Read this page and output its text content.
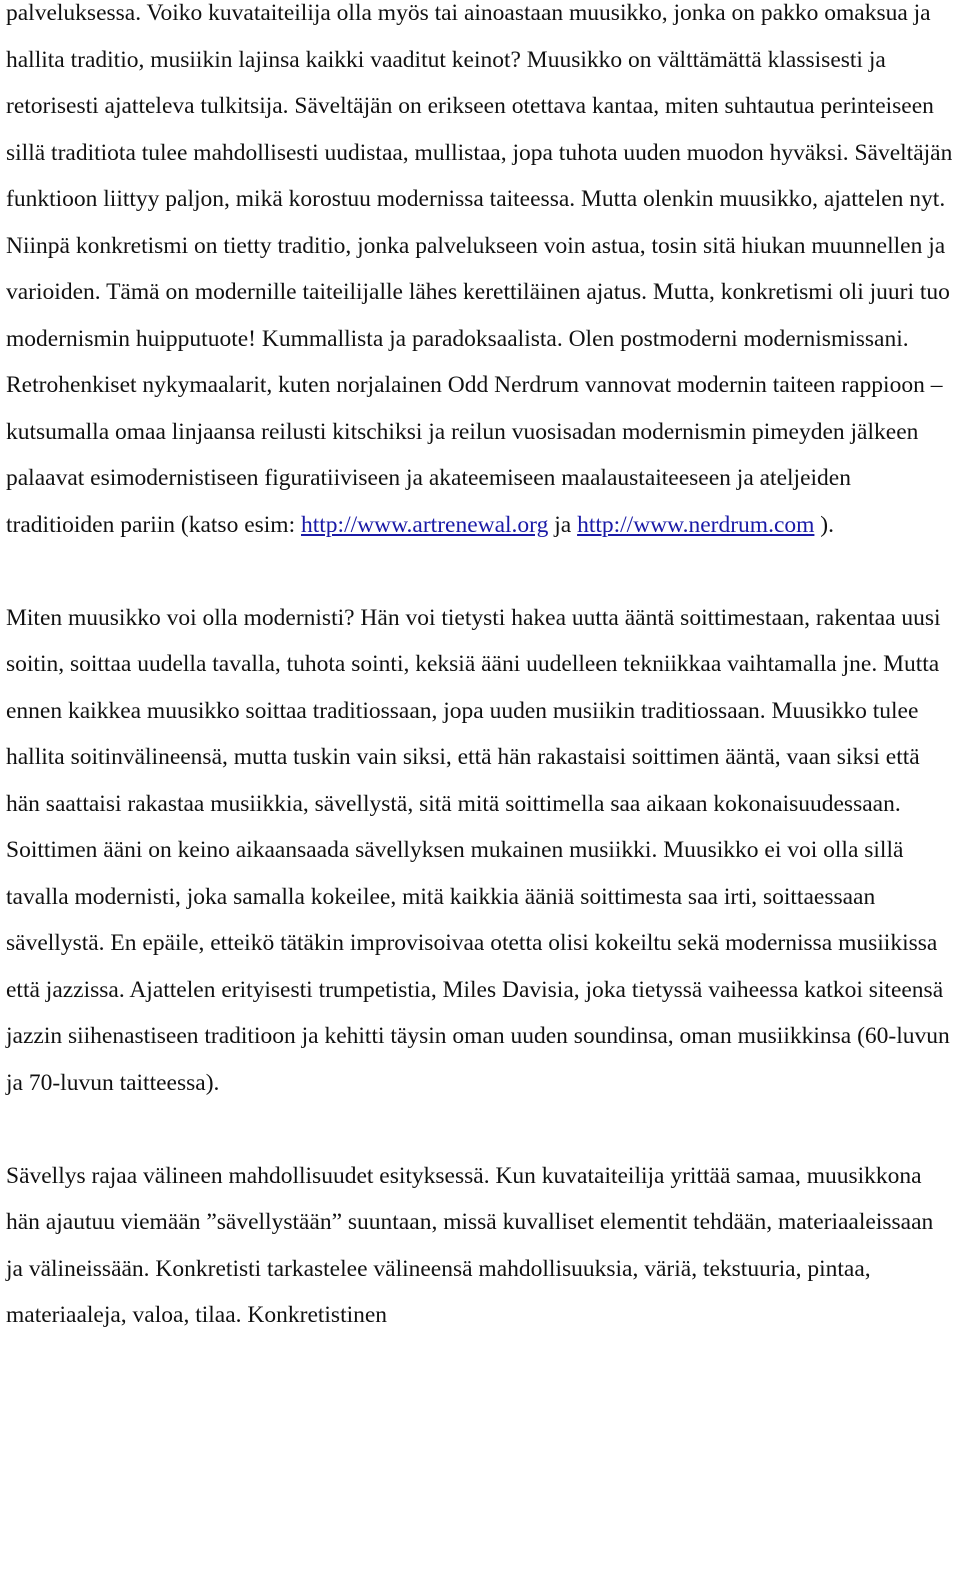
palveluksessa. Voiko kuvataiteilija olla myös tai ainoastaan muusikko, jonka on pakko omaksua ja hallita traditio, musiikin lajinsa kaikki vaaditut keinot? Muusikko on välttämättä klassisesti ja retorisesti ajatteleva tulkitsija. Säveltäjän on erikseen otettava kantaa, miten suhtautua perinteiseen sillä traditiota tulee mahdollisesti uudistaa, mullistaa, jopa tuhota uuden muodon hyväksi. Säveltäjän funktioon liittyy paljon, mikä korostuu modernissa taiteessa. Mutta olenkin muusikko, ajattelen nyt. Niinpä konkretismi on tietty traditio, jonka palvelukseen voin astua, tosin sitä hiukan muunnellen ja varioiden. Tämä on modernille taiteilijalle lähes kerettiläinen ajatus. Mutta, konkretismi oli juuri tuo modernismin huipputuote! Kummallista ja paradoksaalista. Olen postmoderni modernismissani. Retrohenkiset nykymaalarit, kuten norjalainen Odd Nerdrum vannovat modernin taiteen rappioon – kutsumalla omaa linjaansa reilusti kitschiksi ja reilun vuosisadan modernismin pimeyden jälkeen palaavat esimodernistiseen figuratiiviseen ja akateemiseen maalaustaiteeseen ja ateljeiden traditioiden pariin (katso esim: http://www.artrenewal.org ja http://www.nerdrum.com ).

Miten muusikko voi olla modernisti? Hän voi tietysti hakea uutta ääntä soittimestaan, rakentaa uusi soitin, soittaa uudella tavalla, tuhota sointi, keksiä ääni uudelleen tekniikkaa vaihtamalla jne. Mutta ennen kaikkea muusikko soittaa traditiossaan, jopa uuden musiikin traditiossaan. Muusikko tulee hallita soitinvälineensä, mutta tuskin vain siksi, että hän rakastaisi soittimen ääntä, vaan siksi että hän saattaisi rakastaa musiikkia, sävellystä, sitä mitä soittimella saa aikaan kokonaisuudessaan. Soittimen ääni on keino aikaansaada sävellyksen mukainen musiikki. Muusikko ei voi olla sillä tavalla modernisti, joka samalla kokeilee, mitä kaikkia ääniä soittimesta saa irti, soittaessaan sävellystä. En epäile, etteikö tätäkin improvisoivaa otetta olisi kokeiltu sekä modernissa musiikissa että jazzissa. Ajattelen erityisesti trumpetistia, Miles Davisia, joka tietyssä vaiheessa katkoi siteensä jazzin siihenastiseen traditioon ja kehitti täysin oman uuden soundinsa, oman musiikkinsa (60-luvun ja 70-luvun taitteessa).

Sävellys rajaa välineen mahdollisuudet esityksessä. Kun kuvataiteilija yrittää samaa, muusikkona hän ajautuu viemään ”sävellystään” suuntaan, missä kuvalliset elementit tehdään, materiaaleissaan ja välineissään. Konkretisti tarkastelee välineensä mahdollisuuksia, väriä, tekstuuria, pintaa, materiaaleja, valoa, tilaa. Konkretistinen
